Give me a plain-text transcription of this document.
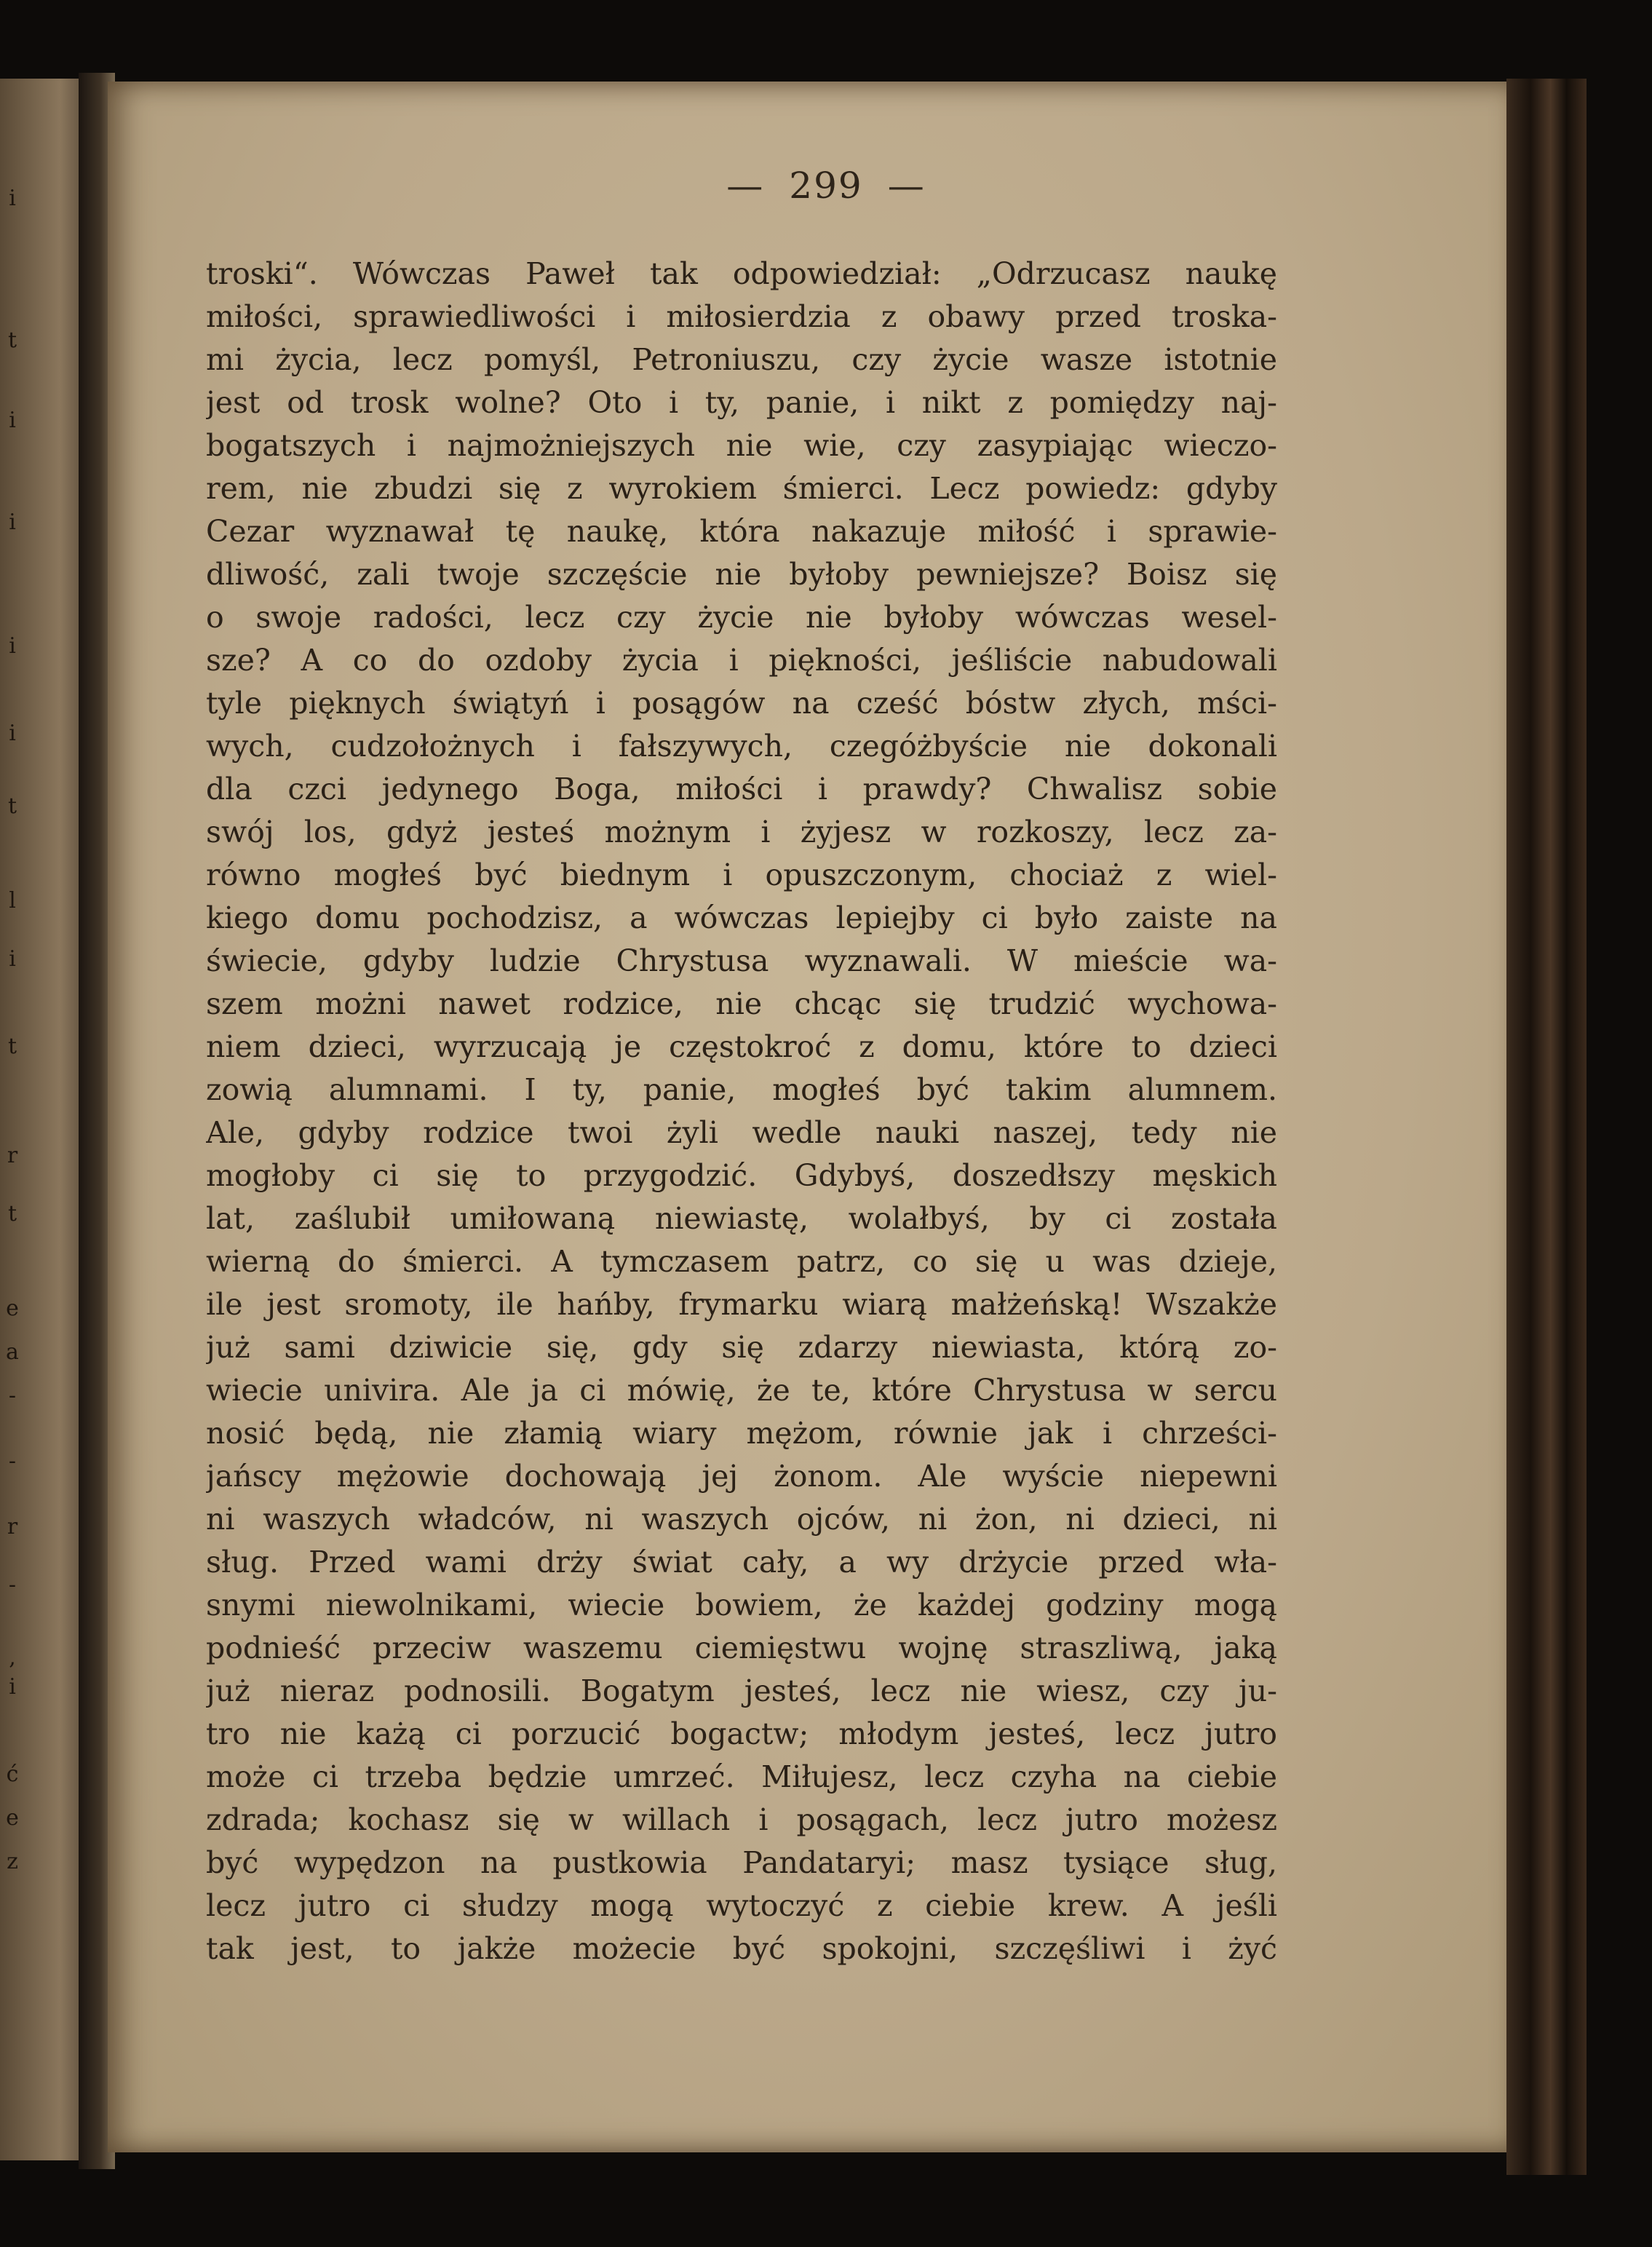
i
t
i
i
i
i
t
l
i
t
r
t
e
a
-
-
r
-
,
i
ć
e
z
— 299 —
troski“. Wówczas Paweł tak odpowiedział: „Odrzucasz naukę
miłości, sprawiedliwości i miłosierdzia z obawy przed troska-
mi życia, lecz pomyśl, Petroniuszu, czy życie wasze istotnie
jest od trosk wolne? Oto i ty, panie, i nikt z pomiędzy naj-
bogatszych i najmożniejszych nie wie, czy zasypiając wieczo-
rem, nie zbudzi się z wyrokiem śmierci. Lecz powiedz: gdyby
Cezar wyznawał tę naukę, która nakazuje miłość i sprawie-
dliwość, zali twoje szczęście nie byłoby pewniejsze? Boisz się
o swoje radości, lecz czy życie nie byłoby wówczas wesel-
sze? A co do ozdoby życia i piękności, jeśliście nabudowali
tyle pięknych świątyń i posągów na cześć bóstw złych, mści-
wych, cudzołożnych i fałszywych, czegóżbyście nie dokonali
dla czci jedynego Boga, miłości i prawdy? Chwalisz sobie
swój los, gdyż jesteś możnym i żyjesz w rozkoszy, lecz za-
równo mogłeś być biednym i opuszczonym, chociaż z wiel-
kiego domu pochodzisz, a wówczas lepiejby ci było zaiste na
świecie, gdyby ludzie Chrystusa wyznawali. W mieście wa-
szem możni nawet rodzice, nie chcąc się trudzić wychowa-
niem dzieci, wyrzucają je częstokroć z domu, które to dzieci
zowią alumnami. I ty, panie, mogłeś być takim alumnem.
Ale, gdyby rodzice twoi żyli wedle nauki naszej, tedy nie
mogłoby ci się to przygodzić. Gdybyś, doszedłszy męskich
lat, zaślubił umiłowaną niewiastę, wolałbyś, by ci została
wierną do śmierci. A tymczasem patrz, co się u was dzieje,
ile jest sromoty, ile hańby, frymarku wiarą małżeńską! Wszakże
już sami dziwicie się, gdy się zdarzy niewiasta, którą zo-
wiecie univira. Ale ja ci mówię, że te, które Chrystusa w sercu
nosić będą, nie złamią wiary mężom, równie jak i chrześci-
jańscy mężowie dochowają jej żonom. Ale wyście niepewni
ni waszych władców, ni waszych ojców, ni żon, ni dzieci, ni
sług. Przed wami drży świat cały, a wy drżycie przed wła-
snymi niewolnikami, wiecie bowiem, że każdej godziny mogą
podnieść przeciw waszemu ciemięstwu wojnę straszliwą, jaką
już nieraz podnosili. Bogatym jesteś, lecz nie wiesz, czy ju-
tro nie każą ci porzucić bogactw; młodym jesteś, lecz jutro
może ci trzeba będzie umrzeć. Miłujesz, lecz czyha na ciebie
zdrada; kochasz się w willach i posągach, lecz jutro możesz
być wypędzon na pustkowia Pandataryi; masz tysiące sług,
lecz jutro ci słudzy mogą wytoczyć z ciebie krew. A jeśli
tak jest, to jakże możecie być spokojni, szczęśliwi i żyć
